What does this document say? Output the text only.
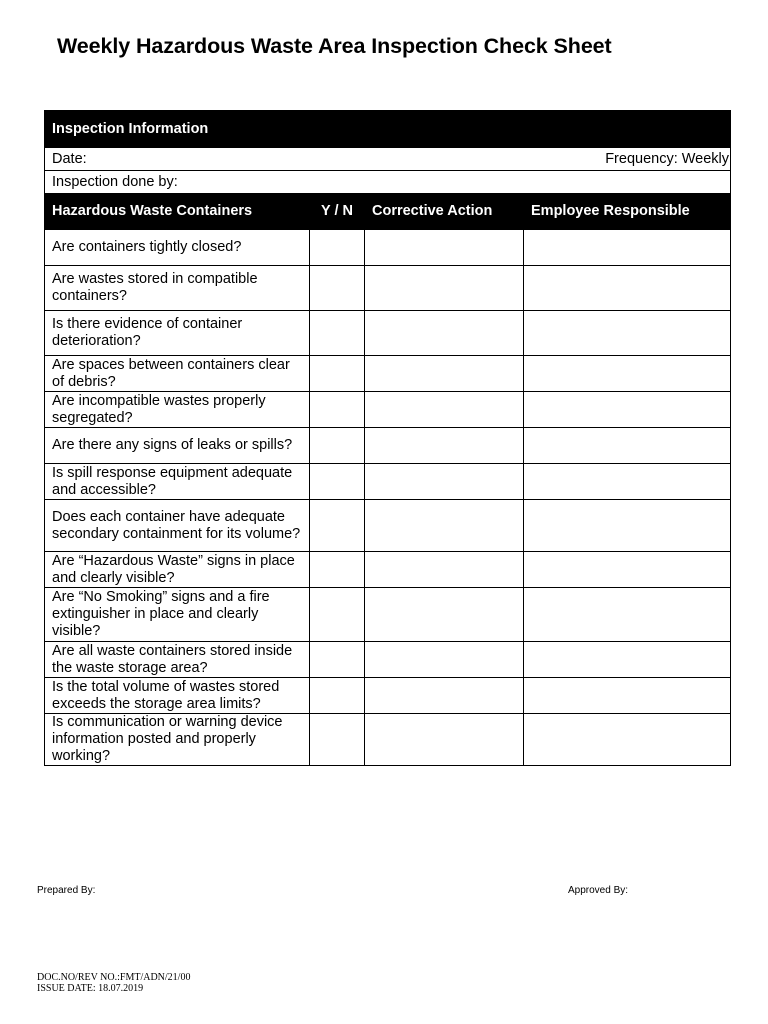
Weekly Hazardous Waste Area Inspection Check Sheet
Inspection Information			
Date: Frequency: Weekly			

Inspection done by:			
Hazardous Waste Containers	Y / N	Corrective Action	Employee Responsible
Are containers tightly closed?			
Are wastes stored in compatible containers?			
Is there evidence of container deterioration?			
Are spaces between containers clear of debris?			
Are incompatible wastes properly segregated?			
Are there any signs of leaks or spills?			
Is spill response equipment adequate and accessible?			
Does each container have adequate secondary containment for its volume?			
Are “Hazardous Waste” signs in place and clearly visible?			
Are “No Smoking” signs and a fire extinguisher in place and clearly visible?			
Are all waste containers stored inside the waste storage area?			
Is the total volume of wastes stored exceeds the storage area limits?			
Is communication or warning device information posted and properly working?			
Prepared By:	Approved By:
DOC.NO/REV NO.:FMT/ADN/21/00
ISSUE DATE: 18.07.2019
